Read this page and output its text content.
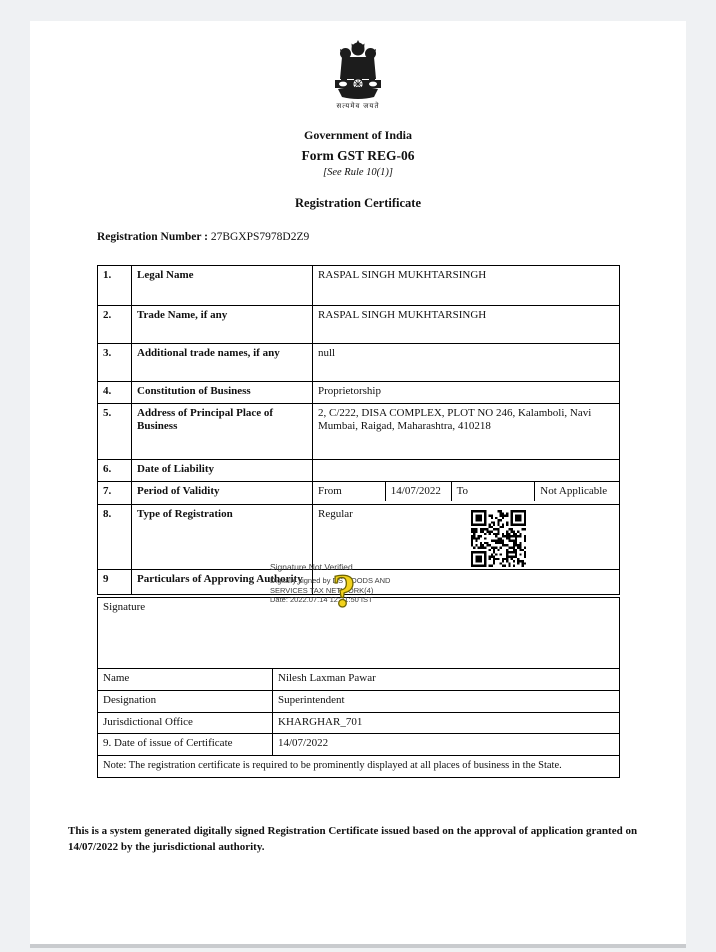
सत्यमेव जयते
Government of India
Form GST REG-06
[See Rule 10(1)]
Registration Certificate
Registration Number : 27BGXPS7978D2Z9
1.	Legal Name	RASPAL SINGH MUKHTARSINGH
2.	Trade Name, if any	RASPAL SINGH MUKHTARSINGH
3.	Additional trade names, if any	null
4.	Constitution of Business	Proprietorship
5.	Address of Principal Place of Business	2, C/222, DISA COMPLEX, PLOT NO 246, Kalamboli, Navi Mumbai, Raigad, Maharashtra, 410218
6.	Date of Liability	
7.	Period of Validity	From 14/07/2022 To Not Applicable

8.	Type of Registration	Regular

9	Particulars of Approving Authority	
Signature	

Name	Nilesh Laxman Pawar
Designation	Superintendent
Jurisdictional Office	KHARGHAR_701
9. Date of issue of Certificate	14/07/2022
Note: The registration certificate is required to be prominently displayed at all places of business in the State.	
Signature Not Verified
Digitally signed by DS GOODS AND
SERVICES TAX NETWORK(4)
Date: 2022.07.14 12:31:50 IST
?
This is a system generated digitally signed Registration Certificate issued based on the approval of application granted on 14/07/2022 by the jurisdictional authority.
